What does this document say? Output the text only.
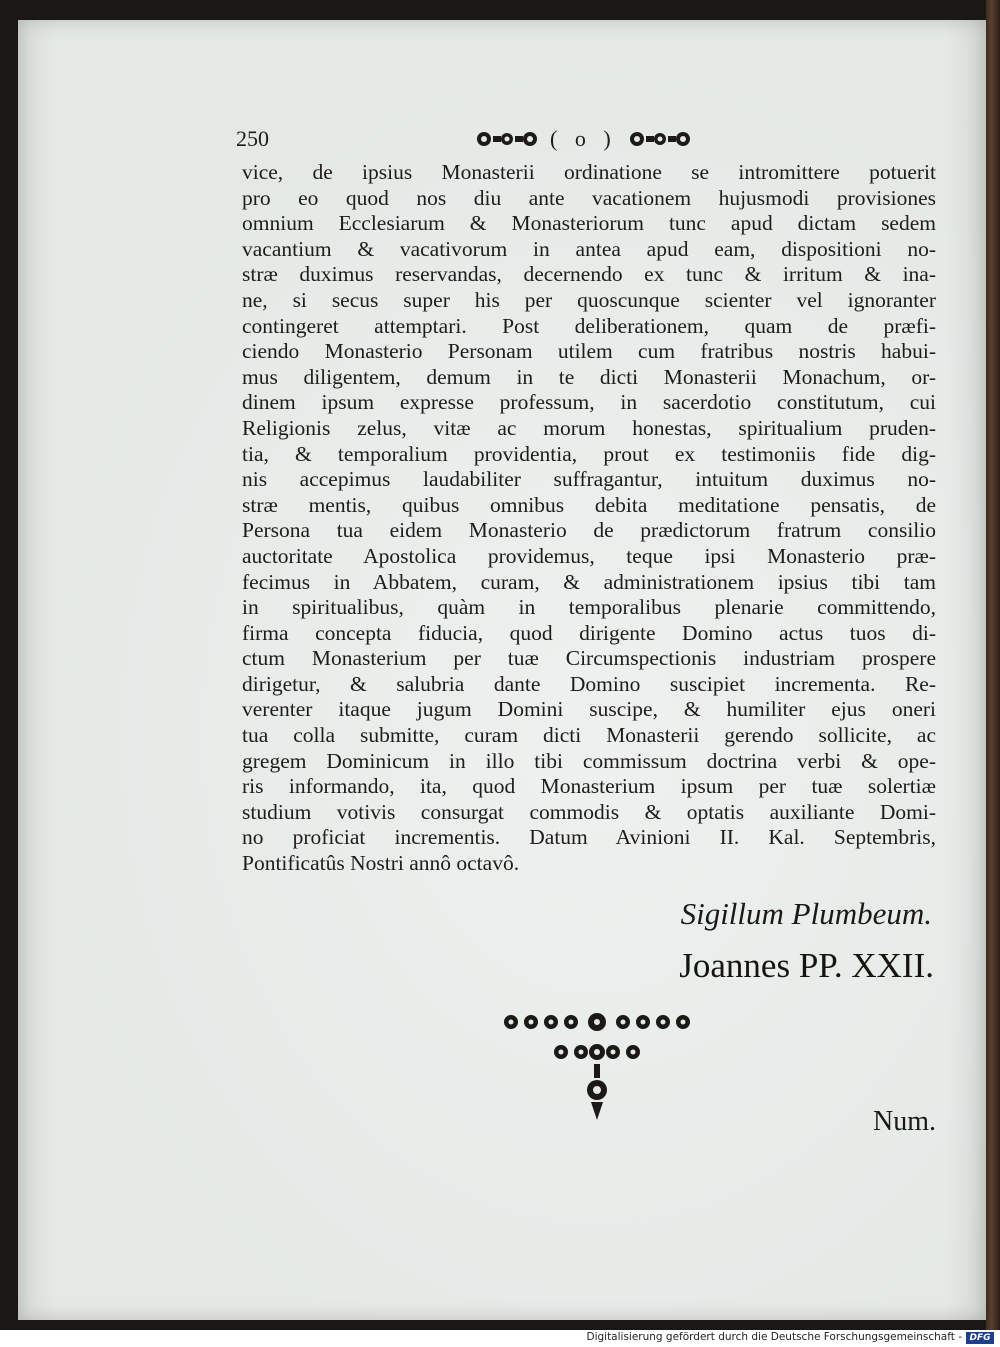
250	( o )
vice, de ipsius Monasterii ordinatione se intromittere potuerit
pro eo quod nos diu ante vacationem hujusmodi provisiones
omnium Ecclesiarum & Monasteriorum tunc apud dictam sedem
vacantium & vacativorum in antea apud eam, dispositioni no-
stræ duximus reservandas, decernendo ex tunc & irritum & ina-
ne, si secus super his per quoscunque scienter vel ignoranter
contingeret attemptari. Post deliberationem, quam de præfi-
ciendo Monasterio Personam utilem cum fratribus nostris habui-
mus diligentem, demum in te dicti Monasterii Monachum, or-
dinem ipsum expresse professum, in sacerdotio constitutum, cui
Religionis zelus, vitæ ac morum honestas, spiritualium pruden-
tia, & temporalium providentia, prout ex testimoniis fide dig-
nis accepimus laudabiliter suffragantur, intuitum duximus no-
stræ mentis, quibus omnibus debita meditatione pensatis, de
Persona tua eidem Monasterio de prædictorum fratrum consilio
auctoritate Apostolica providemus, teque ipsi Monasterio præ-
fecimus in Abbatem, curam, & administrationem ipsius tibi tam
in spiritualibus, quàm in temporalibus plenarie committendo,
firma concepta fiducia, quod dirigente Domino actus tuos di-
ctum Monasterium per tuæ Circumspectionis industriam prospere
dirigetur, & salubria dante Domino suscipiet incrementa. Re-
verenter itaque jugum Domini suscipe, & humiliter ejus oneri
tua colla submitte, curam dicti Monasterii gerendo sollicite, ac
gregem Dominicum in illo tibi commissum doctrina verbi & ope-
ris informando, ita, quod Monasterium ipsum per tuæ solertiæ
studium votivis consurgat commodis & optatis auxiliante Domi-
no proficiat incrementis. Datum Avinioni II. Kal. Septembris,
Pontificatûs Nostri annô octavô.
Sigillum Plumbeum.
Joannes PP. XXII.
Num.
Digitalisierung gefördert durch die Deutsche Forschungsgemeinschaft - DFG
